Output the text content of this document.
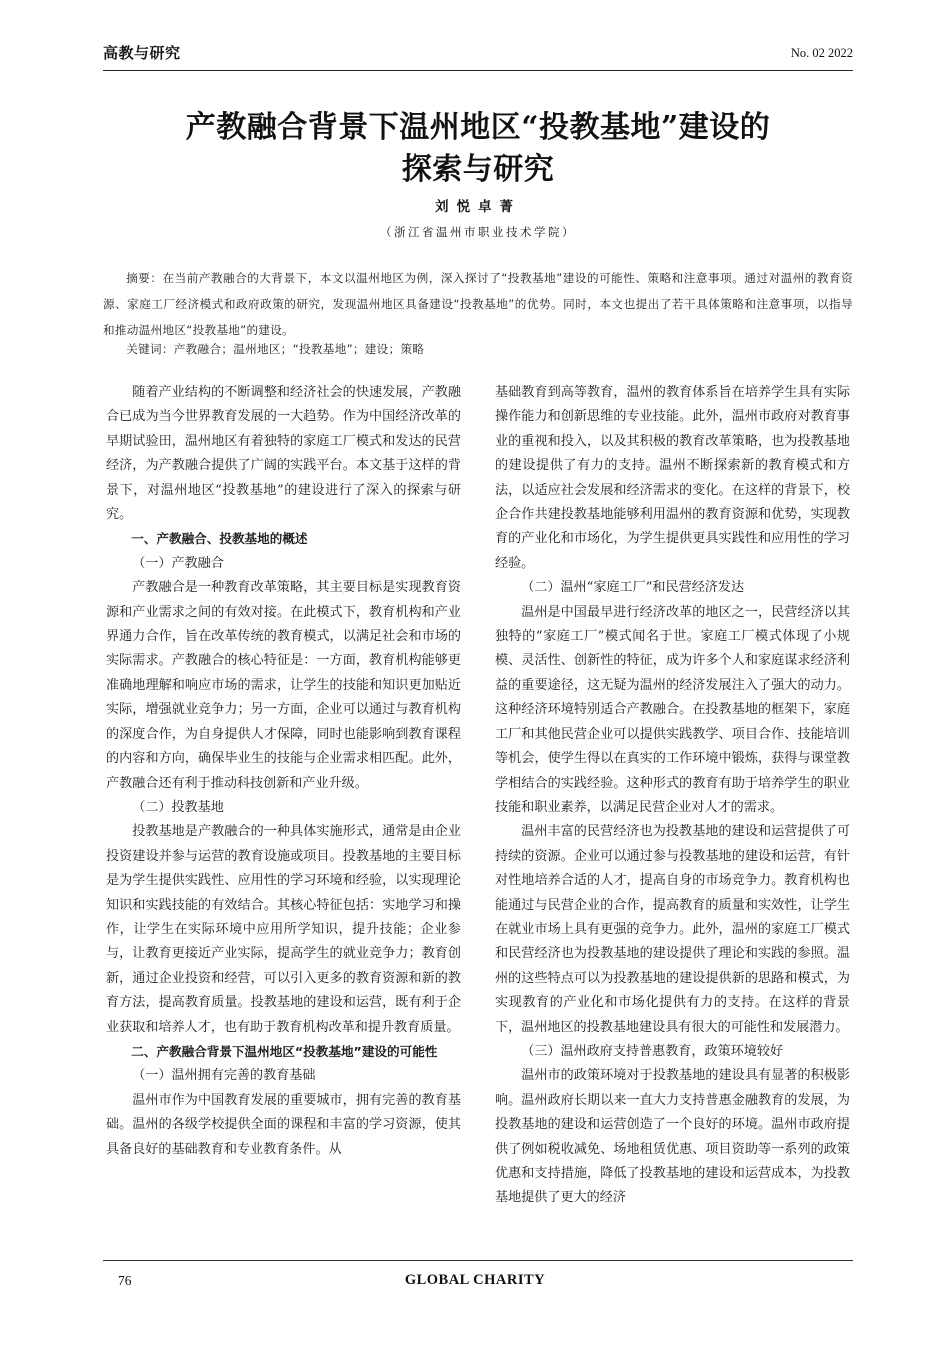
高教与研究	No. 02 2022
产教融合背景下温州地区“投教基地”建设的
探索与研究
刘悦卓菁
（浙江省温州市职业技术学院）
摘要：在当前产教融合的大背景下，本文以温州地区为例，深入探讨了“投教基地”建设的可能性、策略和注意事项。通过对温州的教育资源、家庭工厂经济模式和政府政策的研究，发现温州地区具备建设“投教基地”的优势。同时，本文也提出了若干具体策略和注意事项，以指导和推动温州地区“投教基地”的建设。
关键词：产教融合；温州地区；“投教基地”；建设；策略

随着产业结构的不断调整和经济社会的快速发展，产教融合已成为当今世界教育发展的一大趋势。作为中国经济改革的早期试验田，温州地区有着独特的家庭工厂模式和发达的民营经济，为产教融合提供了广阔的实践平台。本文基于这样的背景下，对温州地区“投教基地”的建设进行了深入的探索与研究。

一、产教融合、投教基地的概述

（一）产教融合

产教融合是一种教育改革策略，其主要目标是实现教育资源和产业需求之间的有效对接。在此模式下，教育机构和产业界通力合作，旨在改革传统的教育模式，以满足社会和市场的实际需求。产教融合的核心特征是：一方面，教育机构能够更准确地理解和响应市场的需求，让学生的技能和知识更加贴近实际，增强就业竞争力；另一方面，企业可以通过与教育机构的深度合作，为自身提供人才保障，同时也能影响到教育课程的内容和方向，确保毕业生的技能与企业需求相匹配。此外，产教融合还有利于推动科技创新和产业升级。

（二）投教基地

投教基地是产教融合的一种具体实施形式，通常是由企业投资建设并参与运营的教育设施或项目。投教基地的主要目标是为学生提供实践性、应用性的学习环境和经验，以实现理论知识和实践技能的有效结合。其核心特征包括：实地学习和操作，让学生在实际环境中应用所学知识，提升技能；企业参与，让教育更接近产业实际，提高学生的就业竞争力；教育创新，通过企业投资和经营，可以引入更多的教育资源和新的教育方法，提高教育质量。投教基地的建设和运营，既有利于企业获取和培养人才，也有助于教育机构改革和提升教育质量。

二、产教融合背景下温州地区“投教基地”建设的可能性

（一）温州拥有完善的教育基础

温州市作为中国教育发展的重要城市，拥有完善的教育基础。温州的各级学校提供全面的课程和丰富的学习资源，使其具备良好的基础教育和专业教育条件。从

基础教育到高等教育，温州的教育体系旨在培养学生具有实际操作能力和创新思维的专业技能。此外，温州市政府对教育事业的重视和投入，以及其积极的教育改革策略，也为投教基地的建设提供了有力的支持。温州不断探索新的教育模式和方法，以适应社会发展和经济需求的变化。在这样的背景下，校企合作共建投教基地能够利用温州的教育资源和优势，实现教育的产业化和市场化，为学生提供更具实践性和应用性的学习经验。

（二）温州“家庭工厂”和民营经济发达

温州是中国最早进行经济改革的地区之一，民营经济以其独特的“家庭工厂”模式闻名于世。家庭工厂模式体现了小规模、灵活性、创新性的特征，成为许多个人和家庭谋求经济利益的重要途径，这无疑为温州的经济发展注入了强大的动力。这种经济环境特别适合产教融合。在投教基地的框架下，家庭工厂和其他民营企业可以提供实践教学、项目合作、技能培训等机会，使学生得以在真实的工作环境中锻炼，获得与课堂教学相结合的实践经验。这种形式的教育有助于培养学生的职业技能和职业素养，以满足民营企业对人才的需求。

温州丰富的民营经济也为投教基地的建设和运营提供了可持续的资源。企业可以通过参与投教基地的建设和运营，有针对性地培养合适的人才，提高自身的市场竞争力。教育机构也能通过与民营企业的合作，提高教育的质量和实效性，让学生在就业市场上具有更强的竞争力。此外，温州的家庭工厂模式和民营经济也为投教基地的建设提供了理论和实践的参照。温州的这些特点可以为投教基地的建设提供新的思路和模式，为实现教育的产业化和市场化提供有力的支持。在这样的背景下，温州地区的投教基地建设具有很大的可能性和发展潜力。

（三）温州政府支持普惠教育，政策环境较好

温州市的政策环境对于投教基地的建设具有显著的积极影响。温州政府长期以来一直大力支持普惠金融教育的发展，为投教基地的建设和运营创造了一个良好的环境。温州市政府提供了例如税收减免、场地租赁优惠、项目资助等一系列的政策优惠和支持措施，降低了投教基地的建设和运营成本，为投教基地提供了更大的经济

76	GLOBAL CHARITY
